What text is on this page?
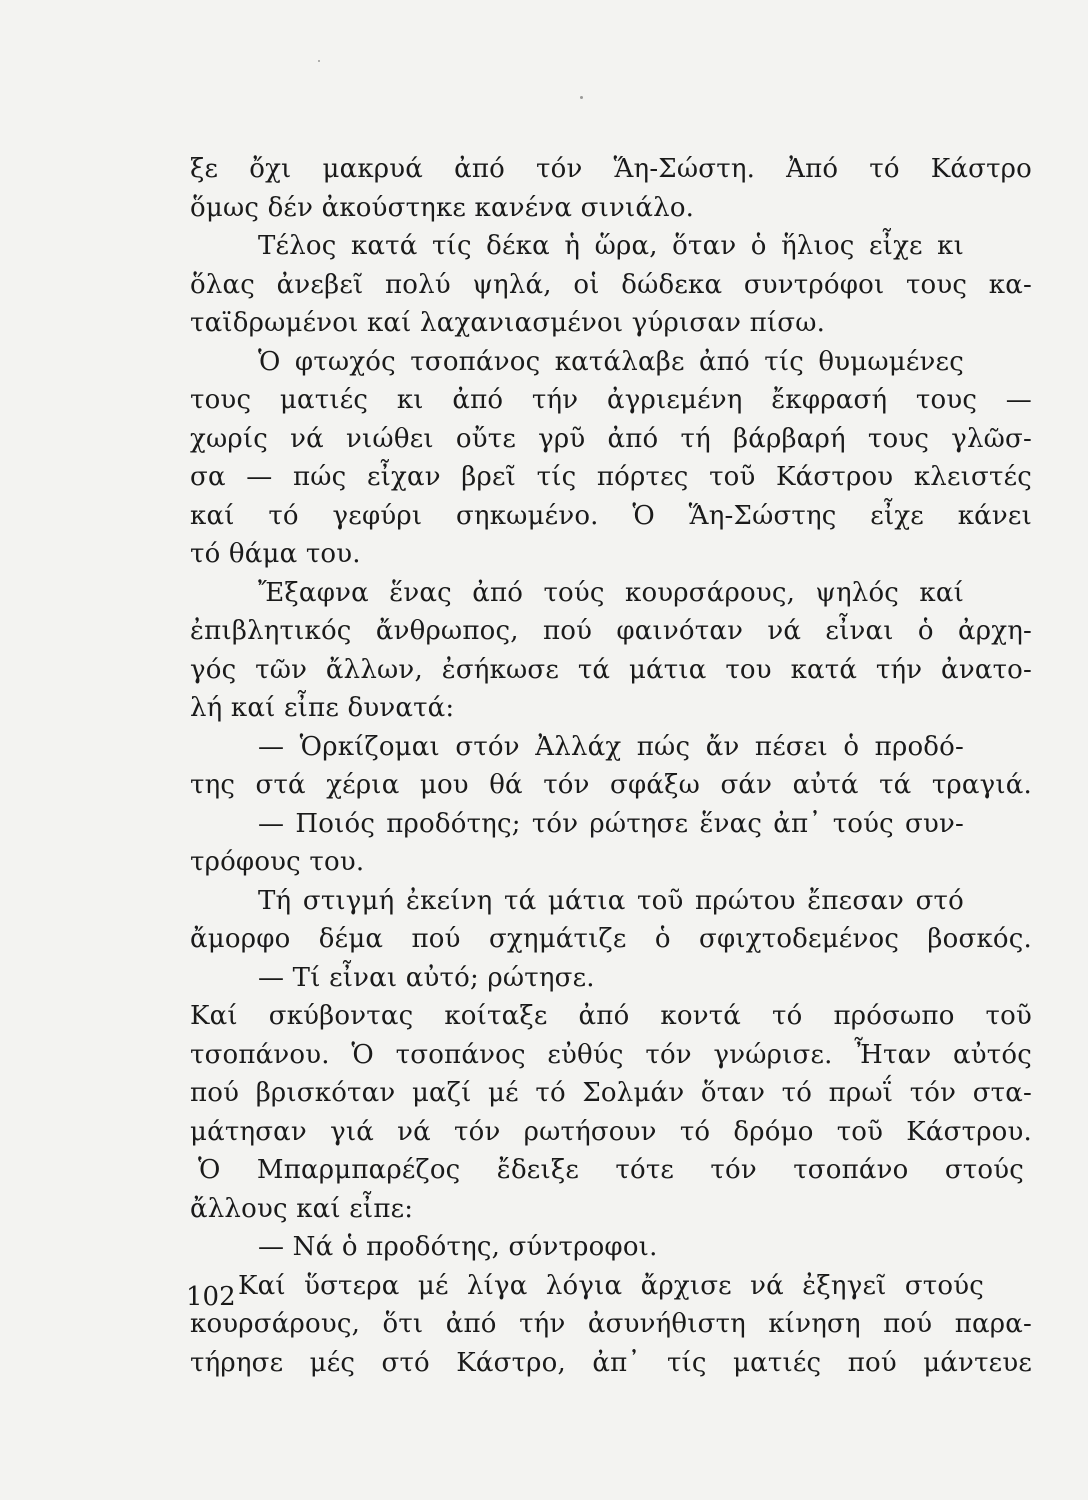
ξε ὄχι μακρυά ἀπό τόν Ἅη-Σώστη. Ἀπό τό Κάστρο
ὅμως δέν ἀκούστηκε κανένα σινιάλο.
Τέλος κατά τίς δέκα ἡ ὥρα, ὅταν ὁ ἥλιος εἶχε κι
ὅλας ἀνεβεῖ πολύ ψηλά, οἱ δώδεκα συντρόφοι τους κα-
ταϊδρωμένοι καί λαχανιασμένοι γύρισαν πίσω.
Ὁ φτωχός τσοπάνος κατάλαβε ἀπό τίς θυμωμένες
τους ματιές κι ἀπό τήν ἀγριεμένη ἔκφρασή τους —
χωρίς νά νιώθει οὔτε γρῦ ἀπό τή βάρβαρή τους γλῶσ-
σα — πώς εἶχαν βρεῖ τίς πόρτες τοῦ Κάστρου κλειστές
καί τό γεφύρι σηκωμένο. Ὁ Ἅη-Σώστης εἶχε κάνει
τό θάμα του.
Ἔξαφνα ἕνας ἀπό τούς κουρσάρους, ψηλός καί
ἐπιβλητικός ἄνθρωπος, πού φαινόταν νά εἶναι ὁ ἀρχη-
γός τῶν ἄλλων, ἐσήκωσε τά μάτια του κατά τήν ἀνατο-
λή καί εἶπε δυνατά:
— Ὁρκίζομαι στόν Ἀλλάχ πώς ἄν πέσει ὁ προδό-
της στά χέρια μου θά τόν σφάξω σάν αὐτά τά τραγιά.
— Ποιός προδότης; τόν ρώτησε ἕνας ἀπ᾽ τούς συν-
τρόφους του.
Τή στιγμή ἐκείνη τά μάτια τοῦ πρώτου ἔπεσαν στό
ἄμορφο δέμα πού σχημάτιζε ὁ σφιχτοδεμένος βοσκός.
— Τί εἶναι αὐτό; ρώτησε.
Καί σκύβοντας κοίταξε ἀπό κοντά τό πρόσωπο τοῦ
τσοπάνου. Ὁ τσοπάνος εὐθύς τόν γνώρισε. Ἦταν αὐτός
πού βρισκόταν μαζί μέ τό Σολμάν ὅταν τό πρωΐ τόν στα-
μάτησαν γιά νά τόν ρωτήσουν τό δρόμο τοῦ Κάστρου.
Ὁ Μπαρμπαρέζος ἔδειξε τότε τόν τσοπάνο στούς
ἄλλους καί εἶπε:
— Νά ὁ προδότης, σύντροφοι.
Καί ὕστερα μέ λίγα λόγια ἄρχισε νά ἐξηγεῖ στούς
κουρσάρους, ὅτι ἀπό τήν ἀσυνήθιστη κίνηση πού παρα-
τήρησε μές στό Κάστρο, ἀπ᾽ τίς ματιές πού μάντευε
102
